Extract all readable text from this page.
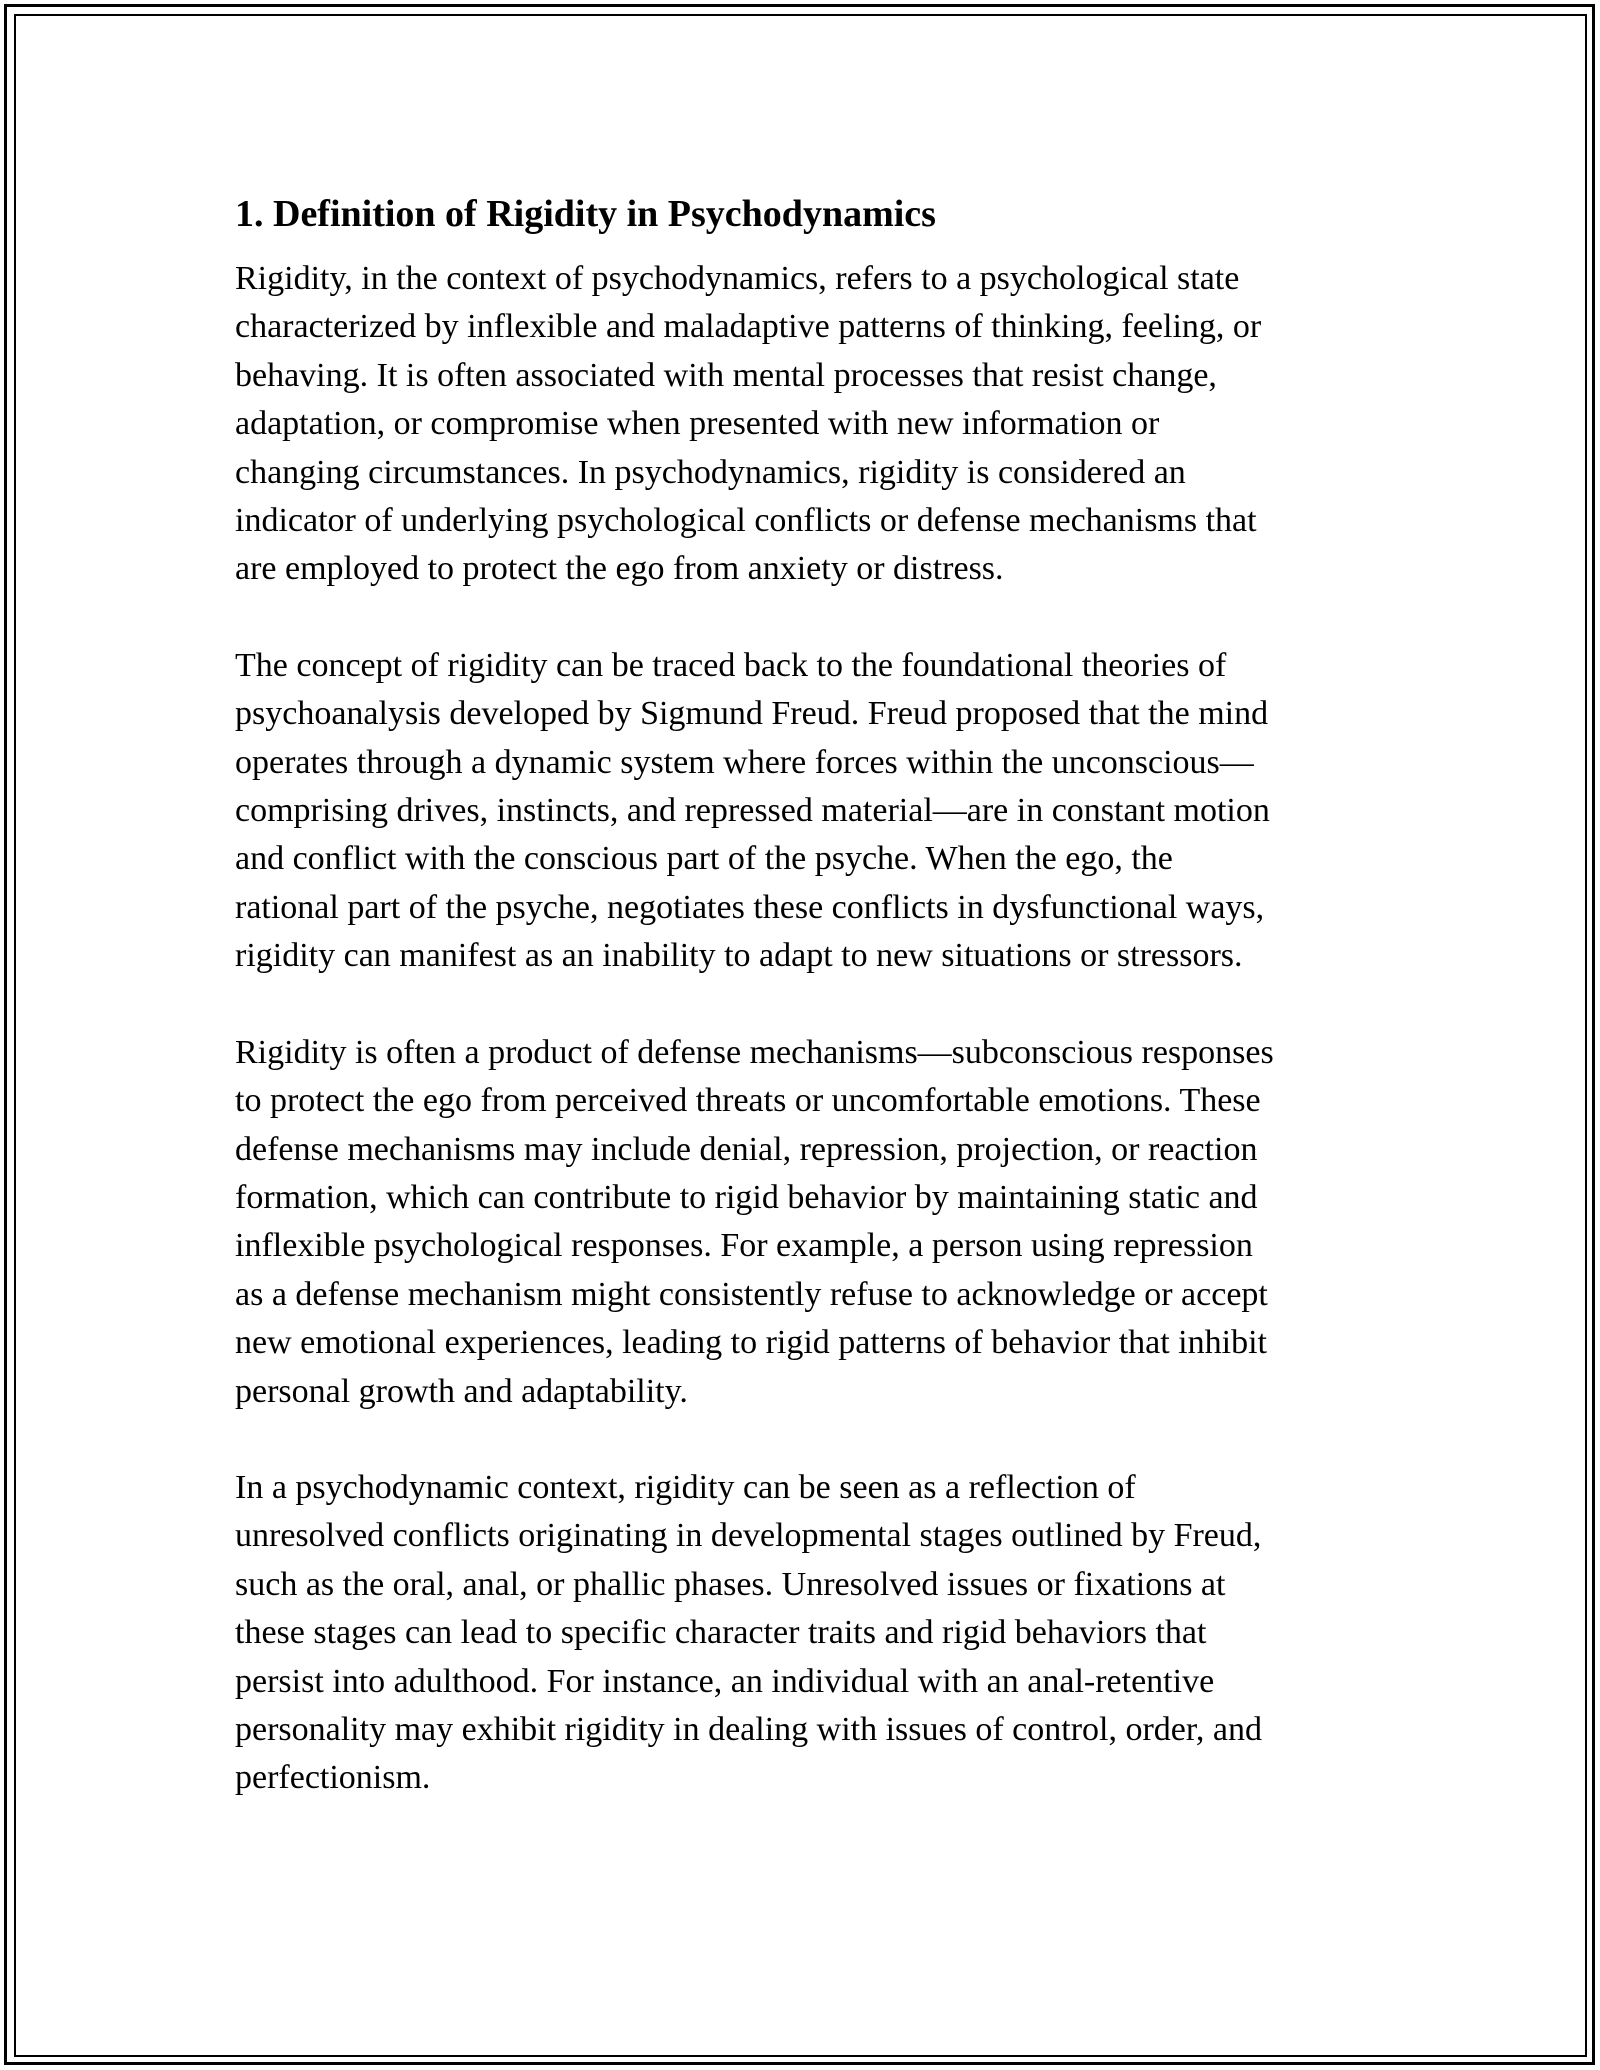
1. Definition of Rigidity in Psychodynamics

Rigidity, in the context of psychodynamics, refers to a psychological state
characterized by inflexible and maladaptive patterns of thinking, feeling, or
behaving. It is often associated with mental processes that resist change,
adaptation, or compromise when presented with new information or
changing circumstances. In psychodynamics, rigidity is considered an
indicator of underlying psychological conflicts or defense mechanisms that
are employed to protect the ego from anxiety or distress.

The concept of rigidity can be traced back to the foundational theories of
psychoanalysis developed by Sigmund Freud. Freud proposed that the mind
operates through a dynamic system where forces within the unconscious—
comprising drives, instincts, and repressed material—are in constant motion
and conflict with the conscious part of the psyche. When the ego, the
rational part of the psyche, negotiates these conflicts in dysfunctional ways,
rigidity can manifest as an inability to adapt to new situations or stressors.

Rigidity is often a product of defense mechanisms—subconscious responses
to protect the ego from perceived threats or uncomfortable emotions. These
defense mechanisms may include denial, repression, projection, or reaction
formation, which can contribute to rigid behavior by maintaining static and
inflexible psychological responses. For example, a person using repression
as a defense mechanism might consistently refuse to acknowledge or accept
new emotional experiences, leading to rigid patterns of behavior that inhibit
personal growth and adaptability.

In a psychodynamic context, rigidity can be seen as a reflection of
unresolved conflicts originating in developmental stages outlined by Freud,
such as the oral, anal, or phallic phases. Unresolved issues or fixations at
these stages can lead to specific character traits and rigid behaviors that
persist into adulthood. For instance, an individual with an anal-retentive
personality may exhibit rigidity in dealing with issues of control, order, and
perfectionism.
